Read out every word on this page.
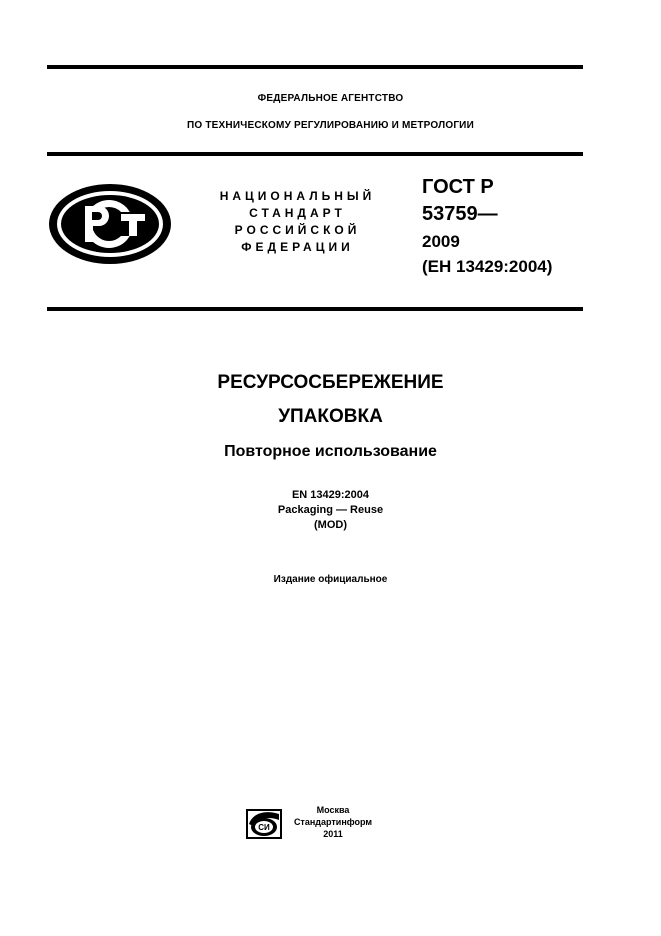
ФЕДЕРАЛЬНОЕ АГЕНТСТВО
ПО ТЕХНИЧЕСКОМУ РЕГУЛИРОВАНИЮ И МЕТРОЛОГИИ
НАЦИОНАЛЬНЫЙ
СТАНДАРТ
РОССИЙСКОЙ
ФЕДЕРАЦИИ
ГОСТ Р
53759—
2009
(ЕН 13429:2004)
РЕСУРСОСБЕРЕЖЕНИЕ
УПАКОВКА
Повторное использование
EN 13429:2004
Packaging — Reuse
(MOD)
Издание официальное
СИ
Москва
Стандартинформ
2011
